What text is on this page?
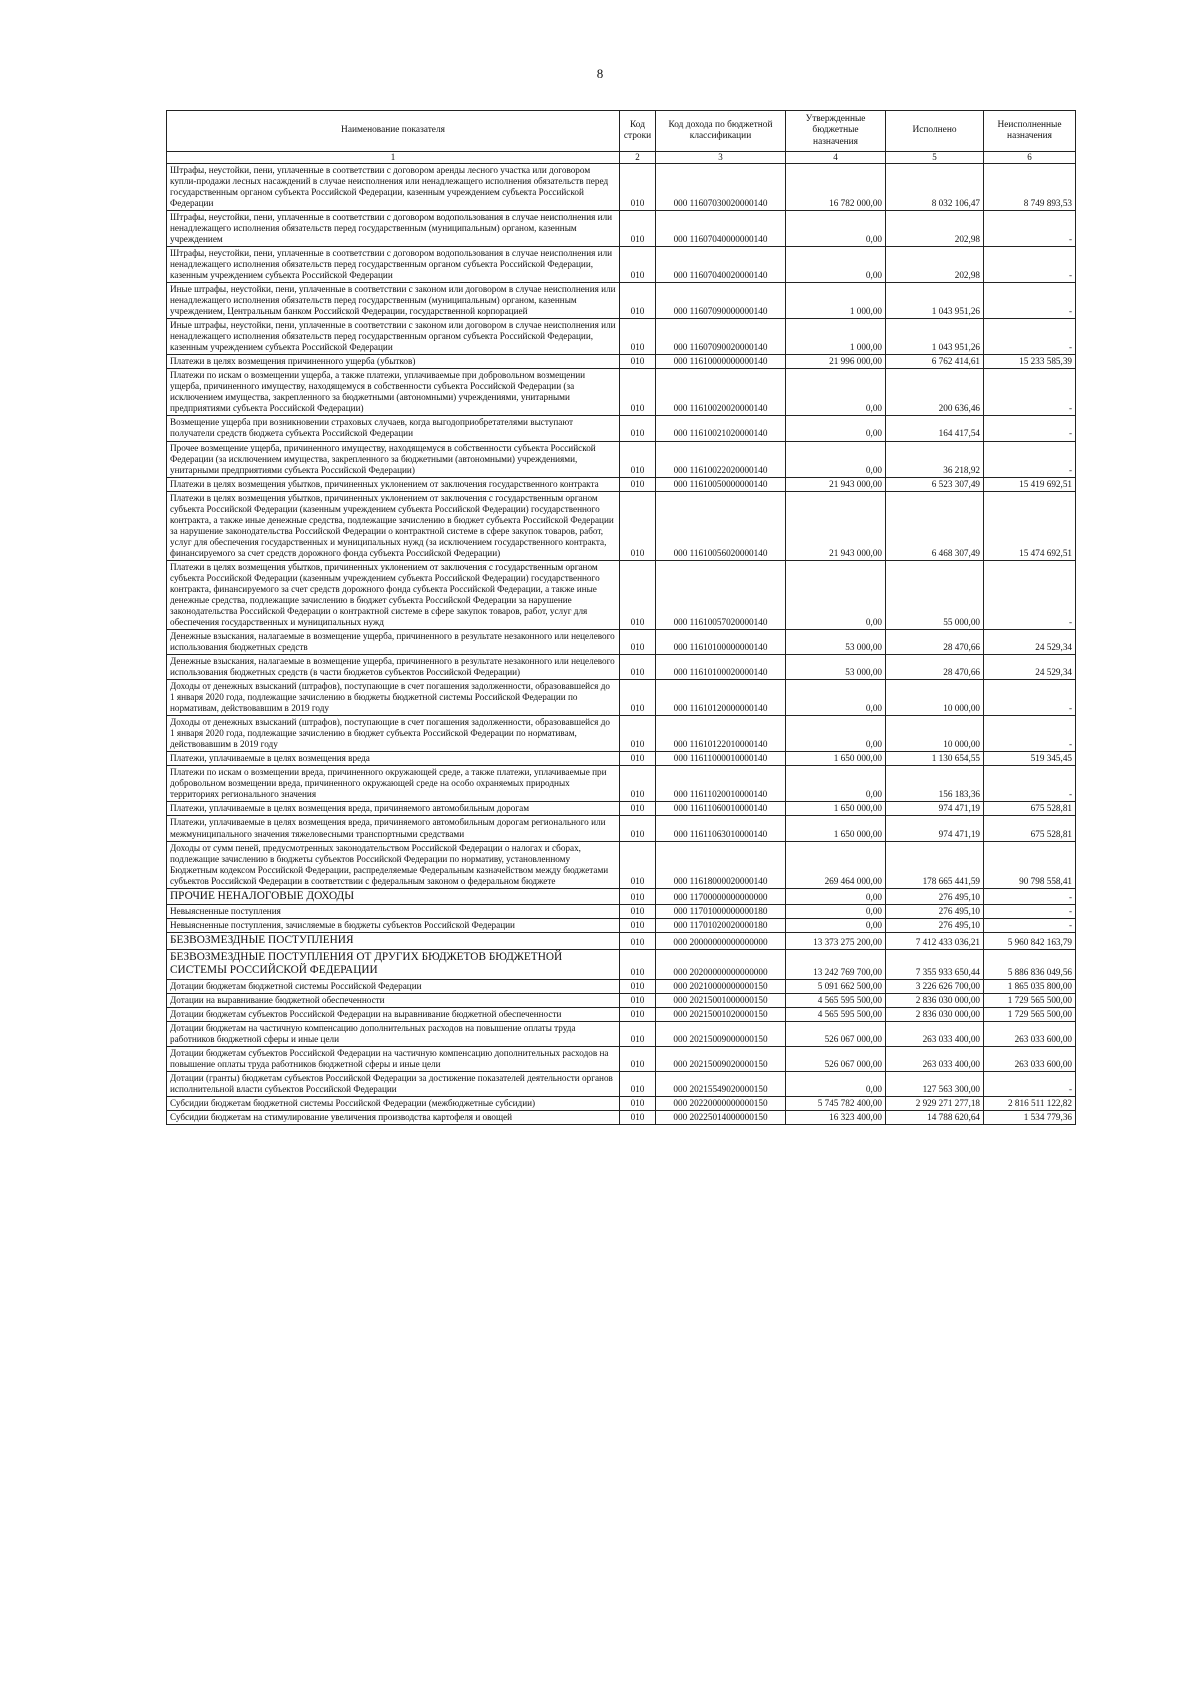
8
Наименование показателя	Код строки	Код дохода по бюджетной классификации	Утвержденные бюджетные назначения	Исполнено	Неисполненные назначения
1	2	3	4	5	6
Штрафы, неустойки, пени, уплаченные в соответствии с договором аренды лесного участка или договором купли-продажи лесных насаждений в случае неисполнения или ненадлежащего исполнения обязательств перед государственным органом субъекта Российской Федерации, казенным учреждением субъекта Российской Федерации	010	000 11607030020000140	16 782 000,00	8 032 106,47	8 749 893,53
Штрафы, неустойки, пени, уплаченные в соответствии с договором водопользования в случае неисполнения или ненадлежащего исполнения обязательств перед государственным (муниципальным) органом, казенным учреждением	010	000 11607040000000140	0,00	202,98	-
Штрафы, неустойки, пени, уплаченные в соответствии с договором водопользования в случае неисполнения или ненадлежащего исполнения обязательств перед государственным органом субъекта Российской Федерации, казенным учреждением субъекта Российской Федерации	010	000 11607040020000140	0,00	202,98	-
Иные штрафы, неустойки, пени, уплаченные в соответствии с законом или договором в случае неисполнения или ненадлежащего исполнения обязательств перед государственным (муниципальным) органом, казенным учреждением, Центральным банком Российской Федерации, государственной корпорацией	010	000 11607090000000140	1 000,00	1 043 951,26	-
Иные штрафы, неустойки, пени, уплаченные в соответствии с законом или договором в случае неисполнения или ненадлежащего исполнения обязательств перед государственным органом субъекта Российской Федерации, казенным учреждением субъекта Российской Федерации	010	000 11607090020000140	1 000,00	1 043 951,26	-
Платежи в целях возмещения причиненного ущерба (убытков)	010	000 11610000000000140	21 996 000,00	6 762 414,61	15 233 585,39
Платежи по искам о возмещении ущерба, а также платежи, уплачиваемые при добровольном возмещении ущерба, причиненного имуществу, находящемуся в собственности субъекта Российской Федерации (за исключением имущества, закрепленного за бюджетными (автономными) учреждениями, унитарными предприятиями субъекта Российской Федерации)	010	000 11610020020000140	0,00	200 636,46	-
Возмещение ущерба при возникновении страховых случаев, когда выгодоприобретателями выступают получатели средств бюджета субъекта Российской Федерации	010	000 11610021020000140	0,00	164 417,54	-
Прочее возмещение ущерба, причиненного имуществу, находящемуся в собственности субъекта Российской Федерации (за исключением имущества, закрепленного за бюджетными (автономными) учреждениями, унитарными предприятиями субъекта Российской Федерации)	010	000 11610022020000140	0,00	36 218,92	-
Платежи в целях возмещения убытков, причиненных уклонением от заключения государственного контракта	010	000 11610050000000140	21 943 000,00	6 523 307,49	15 419 692,51
Платежи в целях возмещения убытков, причиненных уклонением от заключения с государственным органом субъекта Российской Федерации (казенным учреждением субъекта Российской Федерации) государственного контракта, а также иные денежные средства, подлежащие зачислению в бюджет субъекта Российской Федерации за нарушение законодательства Российской Федерации о контрактной системе в сфере закупок товаров, работ, услуг для обеспечения государственных и муниципальных нужд (за исключением государственного контракта, финансируемого за счет средств дорожного фонда субъекта Российской Федерации)	010	000 11610056020000140	21 943 000,00	6 468 307,49	15 474 692,51
Платежи в целях возмещения убытков, причиненных уклонением от заключения с государственным органом субъекта Российской Федерации (казенным учреждением субъекта Российской Федерации) государственного контракта, финансируемого за счет средств дорожного фонда субъекта Российской Федерации, а также иные денежные средства, подлежащие зачислению в бюджет субъекта Российской Федерации за нарушение законодательства Российской Федерации о контрактной системе в сфере закупок товаров, работ, услуг для обеспечения государственных и муниципальных нужд	010	000 11610057020000140	0,00	55 000,00	-
Денежные взыскания, налагаемые в возмещение ущерба, причиненного в результате незаконного или нецелевого использования бюджетных средств	010	000 11610100000000140	53 000,00	28 470,66	24 529,34
Денежные взыскания, налагаемые в возмещение ущерба, причиненного в результате незаконного или нецелевого использования бюджетных средств (в части бюджетов субъектов Российской Федерации)	010	000 11610100020000140	53 000,00	28 470,66	24 529,34
Доходы от денежных взысканий (штрафов), поступающие в счет погашения задолженности, образовавшейся до 1 января 2020 года, подлежащие зачислению в бюджеты бюджетной системы Российской Федерации по нормативам, действовавшим в 2019 году	010	000 11610120000000140	0,00	10 000,00	-
Доходы от денежных взысканий (штрафов), поступающие в счет погашения задолженности, образовавшейся до 1 января 2020 года, подлежащие зачислению в бюджет субъекта Российской Федерации по нормативам, действовавшим в 2019 году	010	000 11610122010000140	0,00	10 000,00	-
Платежи, уплачиваемые в целях возмещения вреда	010	000 11611000010000140	1 650 000,00	1 130 654,55	519 345,45
Платежи по искам о возмещении вреда, причиненного окружающей среде, а также платежи, уплачиваемые при добровольном возмещении вреда, причиненного окружающей среде на особо охраняемых природных территориях регионального значения	010	000 11611020010000140	0,00	156 183,36	-
Платежи, уплачиваемые в целях возмещения вреда, причиняемого автомобильным дорогам	010	000 11611060010000140	1 650 000,00	974 471,19	675 528,81
Платежи, уплачиваемые в целях возмещения вреда, причиняемого автомобильным дорогам регионального или межмуниципального значения тяжеловесными транспортными средствами	010	000 11611063010000140	1 650 000,00	974 471,19	675 528,81
Доходы от сумм пеней, предусмотренных законодательством Российской Федерации о налогах и сборах, подлежащие зачислению в бюджеты субъектов Российской Федерации по нормативу, установленному Бюджетным кодексом Российской Федерации, распределяемые Федеральным казначейством между бюджетами субъектов Российской Федерации в соответствии с федеральным законом о федеральном бюджете	010	000 11618000020000140	269 464 000,00	178 665 441,59	90 798 558,41
ПРОЧИЕ НЕНАЛОГОВЫЕ ДОХОДЫ	010	000 11700000000000000	0,00	276 495,10	-
Невыясненные поступления	010	000 11701000000000180	0,00	276 495,10	-
Невыясненные поступления, зачисляемые в бюджеты субъектов Российской Федерации	010	000 11701020020000180	0,00	276 495,10	-
БЕЗВОЗМЕЗДНЫЕ ПОСТУПЛЕНИЯ	010	000 20000000000000000	13 373 275 200,00	7 412 433 036,21	5 960 842 163,79
БЕЗВОЗМЕЗДНЫЕ ПОСТУПЛЕНИЯ ОТ ДРУГИХ БЮДЖЕТОВ БЮДЖЕТНОЙ СИСТЕМЫ РОССИЙСКОЙ ФЕДЕРАЦИИ	010	000 20200000000000000	13 242 769 700,00	7 355 933 650,44	5 886 836 049,56
Дотации бюджетам бюджетной системы Российской Федерации	010	000 20210000000000150	5 091 662 500,00	3 226 626 700,00	1 865 035 800,00
Дотации на выравнивание бюджетной обеспеченности	010	000 20215001000000150	4 565 595 500,00	2 836 030 000,00	1 729 565 500,00
Дотации бюджетам субъектов Российской Федерации на выравнивание бюджетной обеспеченности	010	000 20215001020000150	4 565 595 500,00	2 836 030 000,00	1 729 565 500,00
Дотации бюджетам на частичную компенсацию дополнительных расходов на повышение оплаты труда работников бюджетной сферы и иные цели	010	000 20215009000000150	526 067 000,00	263 033 400,00	263 033 600,00
Дотации бюджетам субъектов Российской Федерации на частичную компенсацию дополнительных расходов на повышение оплаты труда работников бюджетной сферы и иные цели	010	000 20215009020000150	526 067 000,00	263 033 400,00	263 033 600,00
Дотации (гранты) бюджетам субъектов Российской Федерации за достижение показателей деятельности органов исполнительной власти субъектов Российской Федерации	010	000 20215549020000150	0,00	127 563 300,00	-
Субсидии бюджетам бюджетной системы Российской Федерации (межбюджетные субсидии)	010	000 20220000000000150	5 745 782 400,00	2 929 271 277,18	2 816 511 122,82
Субсидии бюджетам на стимулирование увеличения производства картофеля и овощей	010	000 20225014000000150	16 323 400,00	14 788 620,64	1 534 779,36
